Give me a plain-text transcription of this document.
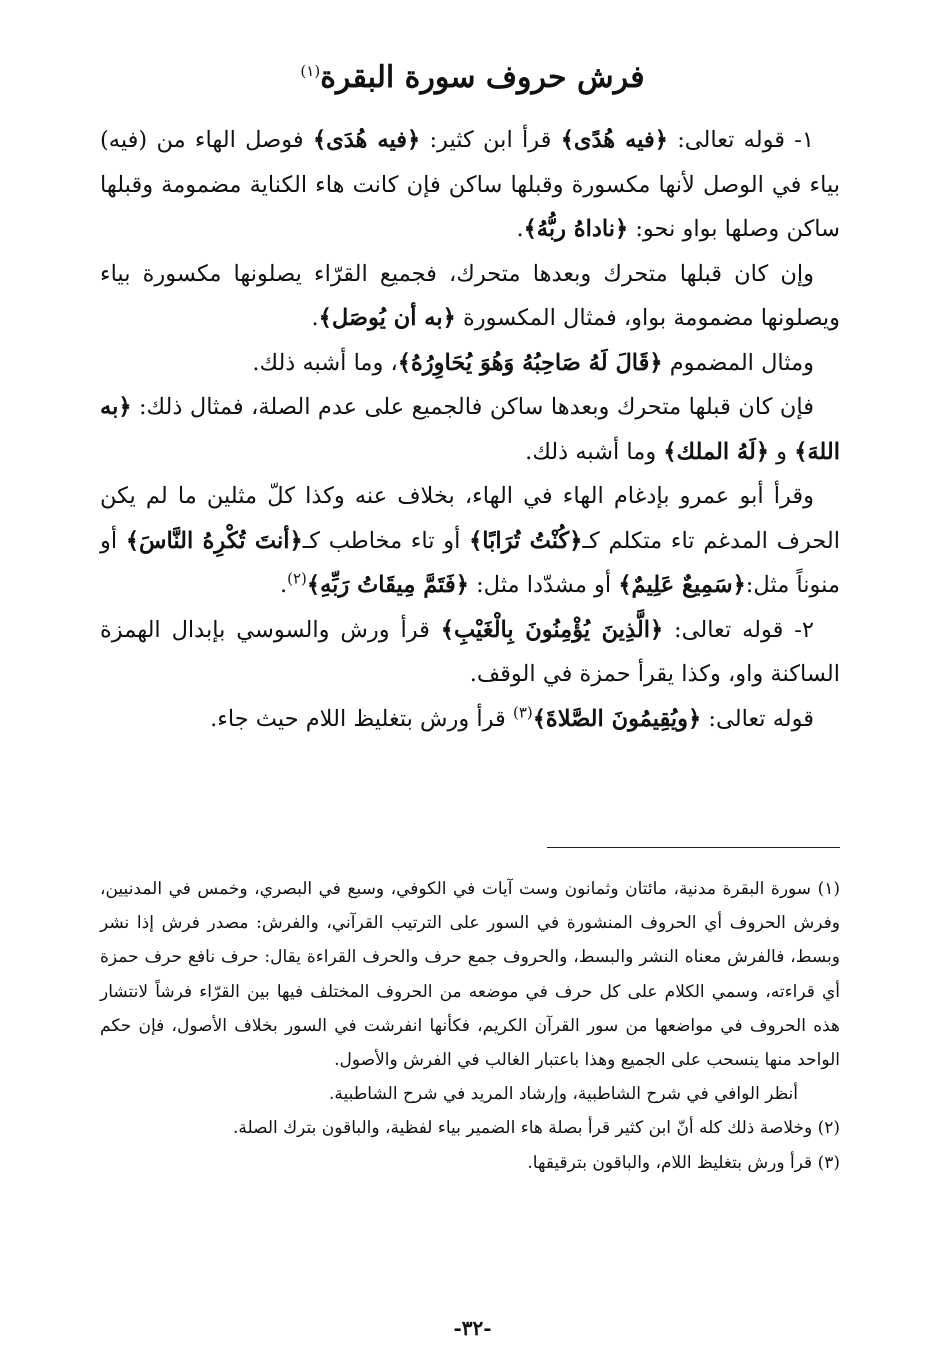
فرش حروف سورة البقرة$^{(١)}$

١- قوله تعالى: ﴿فيه هُدًى﴾ قرأ ابن كثير: ﴿فيه هُدَى﴾ فوصل الهاء من (فيه) بياء في الوصل لأنها مكسورة وقبلها ساكن فإن كانت هاء الكناية مضمومة وقبلها ساكن وصلها بواو نحو: ﴿ناداهُ ربُّهُ﴾.

وإن كان قبلها متحرك وبعدها متحرك، فجميع القرّاء يصلونها مكسورة بياء ويصلونها مضمومة بواو، فمثال المكسورة ﴿به أن يُوصَل﴾.

ومثال المضموم ﴿قَالَ لَهُ صَاحِبُهُ وَهُوَ يُحَاوِرُهُ﴾، وما أشبه ذلك.

فإن كان قبلها متحرك وبعدها ساكن فالجميع على عدم الصلة، فمثال ذلك: ﴿به اللهَ﴾ و ﴿لَهُ الملك﴾ وما أشبه ذلك.

وقرأ أبو عمرو بإدغام الهاء في الهاء، بخلاف عنه وكذا كلّ مثلين ما لم يكن الحرف المدغم تاء متكلم كـ﴿كُنْتُ تُرَابًا﴾ أو تاء مخاطب كـ﴿أنتَ تُكْرِهُ النَّاسَ﴾ أو منوناً مثل:﴿سَمِيعٌ عَلِيمٌ﴾ أو مشدّدا مثل: ﴿فَتَمَّ مِيقَاتُ رَبِّهِ﴾$^{(٢)}$.

٢- قوله تعالى: ﴿الَّذِينَ يُؤْمِنُونَ بِالْغَيْبِ﴾ قرأ ورش والسوسي بإبدال الهمزة الساكنة واو، وكذا يقرأ حمزة في الوقف.

قوله تعالى: ﴿ويُقِيمُونَ الصَّلاةَ﴾$^{(٣)}$ قرأ ورش بتغليظ اللام حيث جاء.

(١) سورة البقرة مدنية، مائتان وثمانون وست آيات في الكوفي، وسبع في البصري، وخمس في المدنيين، وفرش الحروف أي الحروف المنشورة في السور على الترتيب القرآني، والفرش: مصدر فرش إذا نشر وبسط، فالفرش معناه النشر والبسط، والحروف جمع حرف والحرف القراءة يقال: حرف نافع حرف حمزة أي قراءته، وسمي الكلام على كل حرف في موضعه من الحروف المختلف فيها بين القرّاء فرشاً لانتشار هذه الحروف في مواضعها من سور القرآن الكريم، فكأنها انفرشت في السور بخلاف الأصول، فإن حكم الواحد منها ينسحب على الجميع وهذا باعتبار الغالب في الفرش والأصول.

أنظر الوافي في شرح الشاطبية، وإرشاد المريد في شرح الشاطبية.

(٢) وخلاصة ذلك كله أنّ ابن كثير قرأ بصلة هاء الضمير بياء لفظية، والباقون بترك الصلة.

(٣) قرأ ورش بتغليظ اللام، والباقون بترقيقها.

-٣٢-
